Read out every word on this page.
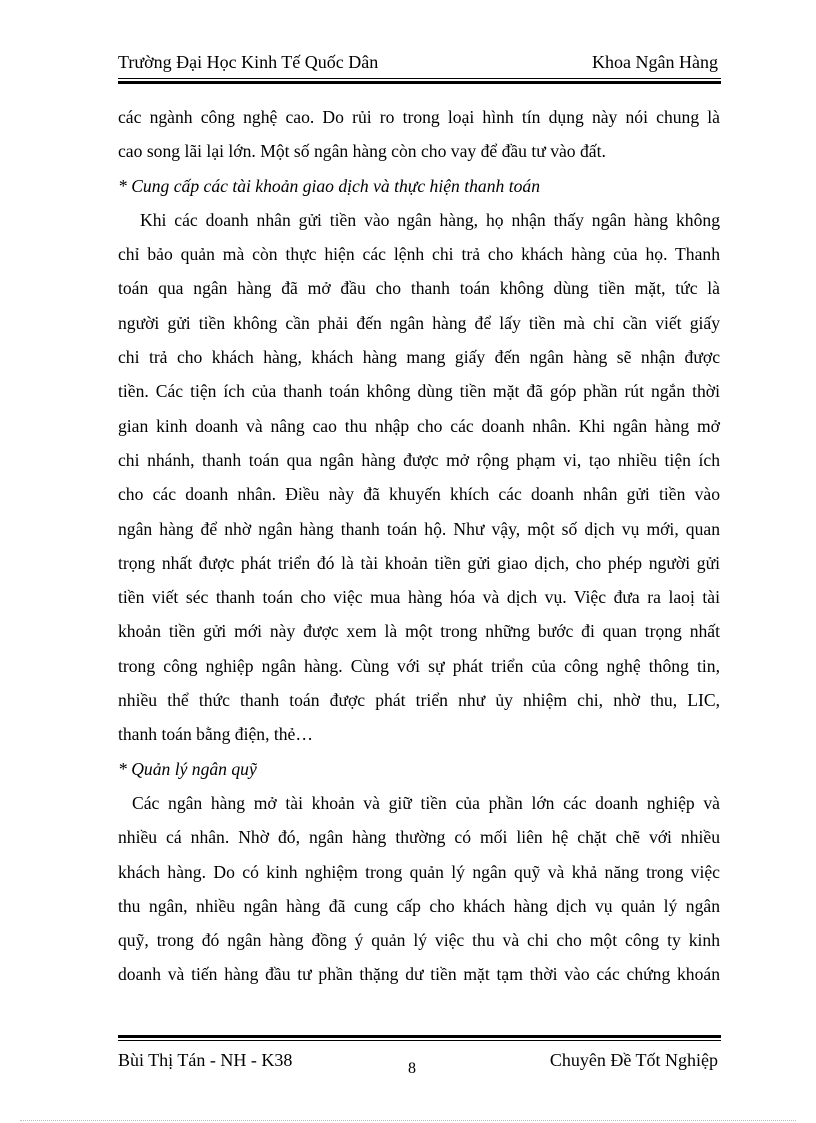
Trường Đại Học Kinh Tế Quốc Dân	Khoa Ngân Hàng
các ngành công nghệ cao. Do rủi ro trong loại hình tín dụng này nói chung là
cao song lãi lại lớn. Một số ngân hàng còn cho vay để đầu tư vào đất.
* Cung cấp các tài khoản giao dịch và thực hiện thanh toán
Khi các doanh nhân gửi tiền vào ngân hàng, họ nhận thấy ngân hàng không
chỉ bảo quản mà còn thực hiện các lệnh chi trả cho khách hàng của họ. Thanh
toán qua ngân hàng đã mở đầu cho thanh toán không dùng tiền mặt, tức là
người gửi tiền không cần phải đến ngân hàng để lấy tiền mà chỉ cần viết giấy
chi trả cho khách hàng, khách hàng mang giấy đến ngân hàng sẽ nhận được
tiền. Các tiện ích của thanh toán không dùng tiền mặt đã góp phần rút ngắn thời
gian kinh doanh và nâng cao thu nhập cho các doanh nhân. Khi ngân hàng mở
chi nhánh, thanh toán qua ngân hàng được mở rộng phạm vi, tạo nhiều tiện ích
cho các doanh nhân. Điều này đã khuyến khích các doanh nhân gửi tiền vào
ngân hàng để nhờ ngân hàng thanh toán hộ. Như vậy, một số dịch vụ mới, quan
trọng nhất được phát triển đó là tài khoản tiền gửi giao dịch, cho phép người gửi
tiền viết séc thanh toán cho việc mua hàng hóa và dịch vụ. Việc đưa ra laoị tài
khoản tiền gửi mới này được xem là một trong những bước đi quan trọng nhất
trong công nghiệp ngân hàng. Cùng với sự phát triển của công nghệ thông tin,
nhiều thể thức thanh toán được phát triển như ủy nhiệm chi, nhờ thu, LIC,
thanh toán bằng điện, thẻ…
* Quản lý ngân quỹ
Các ngân hàng mở tài khoản và giữ tiền của phần lớn các doanh nghiệp và
nhiều cá nhân. Nhờ đó, ngân hàng thường có mối liên hệ chặt chẽ với nhiều
khách hàng. Do có kinh nghiệm trong quản lý ngân quỹ và khả năng trong việc
thu ngân, nhiều ngân hàng đã cung cấp cho khách hàng dịch vụ quản lý ngân
quỹ, trong đó ngân hàng đồng ý quản lý việc thu và chi cho một công ty kinh
doanh và tiến hàng đầu tư phần thặng dư tiền mặt tạm thời vào các chứng khoán
Bùi Thị Tán - NH - K38	Chuyên Đề Tốt Nghiệp
8
